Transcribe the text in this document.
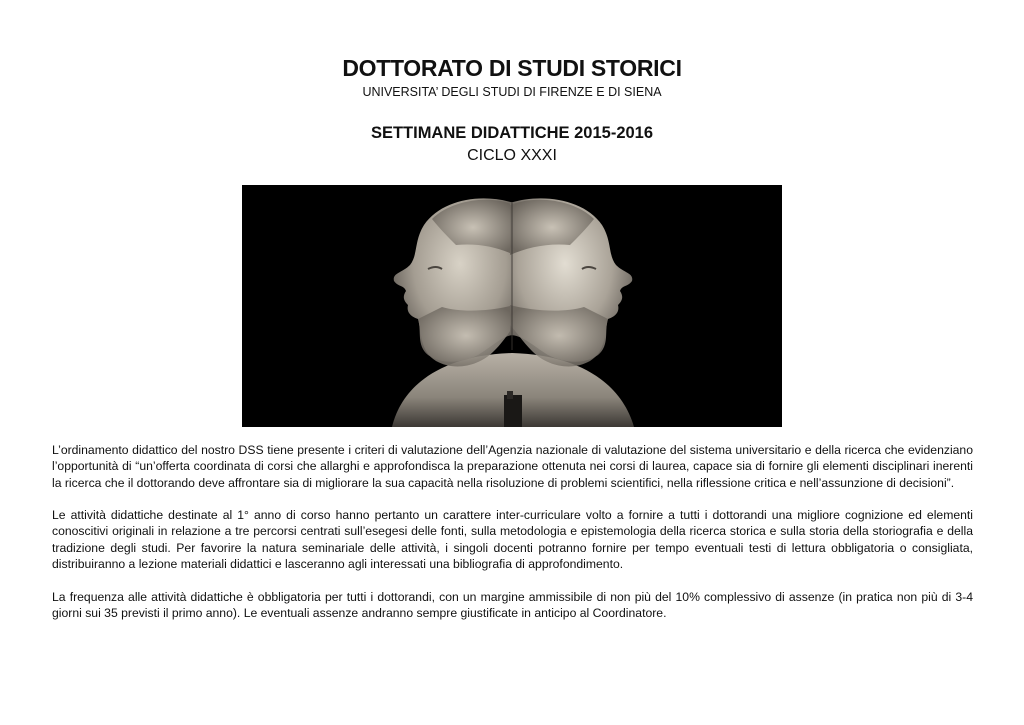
DOTTORATO DI STUDI STORICI
UNIVERSITA’ DEGLI STUDI DI FIRENZE E DI SIENA
SETTIMANE DIDATTICHE 2015-2016
CICLO XXXI

L’ordinamento didattico del nostro DSS tiene presente i criteri di valutazione dell’Agenzia nazionale di valutazione del sistema universitario e della ricerca che evidenziano l’opportunità di “un’offerta coordinata di corsi che allarghi e approfondisca la preparazione ottenuta nei corsi di laurea, capace sia di fornire gli elementi disciplinari inerenti la ricerca che il dottorando deve affrontare sia di migliorare la sua capacità nella risoluzione di problemi scientifici, nella riflessione critica e nell’assunzione di decisioni”.

Le attività didattiche destinate al 1° anno di corso hanno pertanto un carattere inter-curriculare volto a fornire a tutti i dottorandi una migliore cognizione ed elementi conoscitivi originali in relazione a tre percorsi centrati sull’esegesi delle fonti, sulla metodologia e epistemologia della ricerca storica e sulla storia della storiografia e della tradizione degli studi. Per favorire la natura seminariale delle attività, i singoli docenti potranno fornire per tempo eventuali testi di lettura obbligatoria o consigliata, distribuiranno a lezione materiali didattici e lasceranno agli interessati una bibliografia di approfondimento.

La frequenza alle attività didattiche è obbligatoria per tutti i dottorandi, con un margine ammissibile di non più del 10% complessivo di assenze (in pratica non più di 3-4 giorni sui 35 previsti il primo anno). Le eventuali assenze andranno sempre giustificate in anticipo al Coordinatore.
